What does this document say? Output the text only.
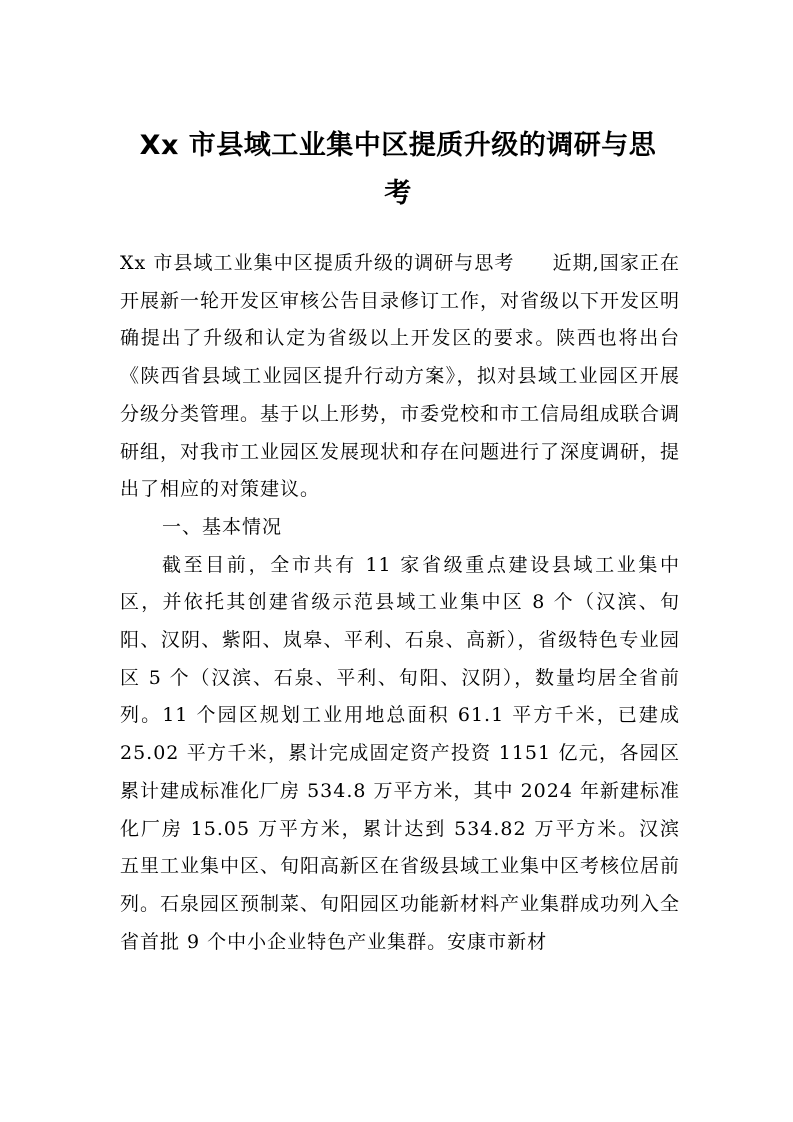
Xx 市县域工业集中区提质升级的调研与思
考

Xx 市县域工业集中区提质升级的调研与思考 近期,国家正在开展新一轮开发区审核公告目录修订工作，对省级以下开发区明确提出了升级和认定为省级以上开发区的要求。陕西也将出台《陕西省县域工业园区提升行动方案》，拟对县域工业园区开展分级分类管理。基于以上形势，市委党校和市工信局组成联合调研组，对我市工业园区发展现状和存在问题进行了深度调研，提出了相应的对策建议。

一、基本情况

截至目前，全市共有 11 家省级重点建设县域工业集中区，并依托其创建省级示范县域工业集中区 8 个（汉滨、旬阳、汉阴、紫阳、岚皋、平利、石泉、高新），省级特色专业园区 5 个（汉滨、石泉、平利、旬阳、汉阴），数量均居全省前列。11 个园区规划工业用地总面积 61.1 平方千米，已建成 25.02 平方千米，累计完成固定资产投资 1151 亿元，各园区累计建成标准化厂房 534.8 万平方米，其中 2024 年新建标准化厂房 15.05 万平方米，累计达到 534.82 万平方米。汉滨五里工业集中区、旬阳高新区在省级县域工业集中区考核位居前列。石泉园区预制菜、旬阳园区功能新材料产业集群成功列入全省首批 9 个中小企业特色产业集群。安康市新材
